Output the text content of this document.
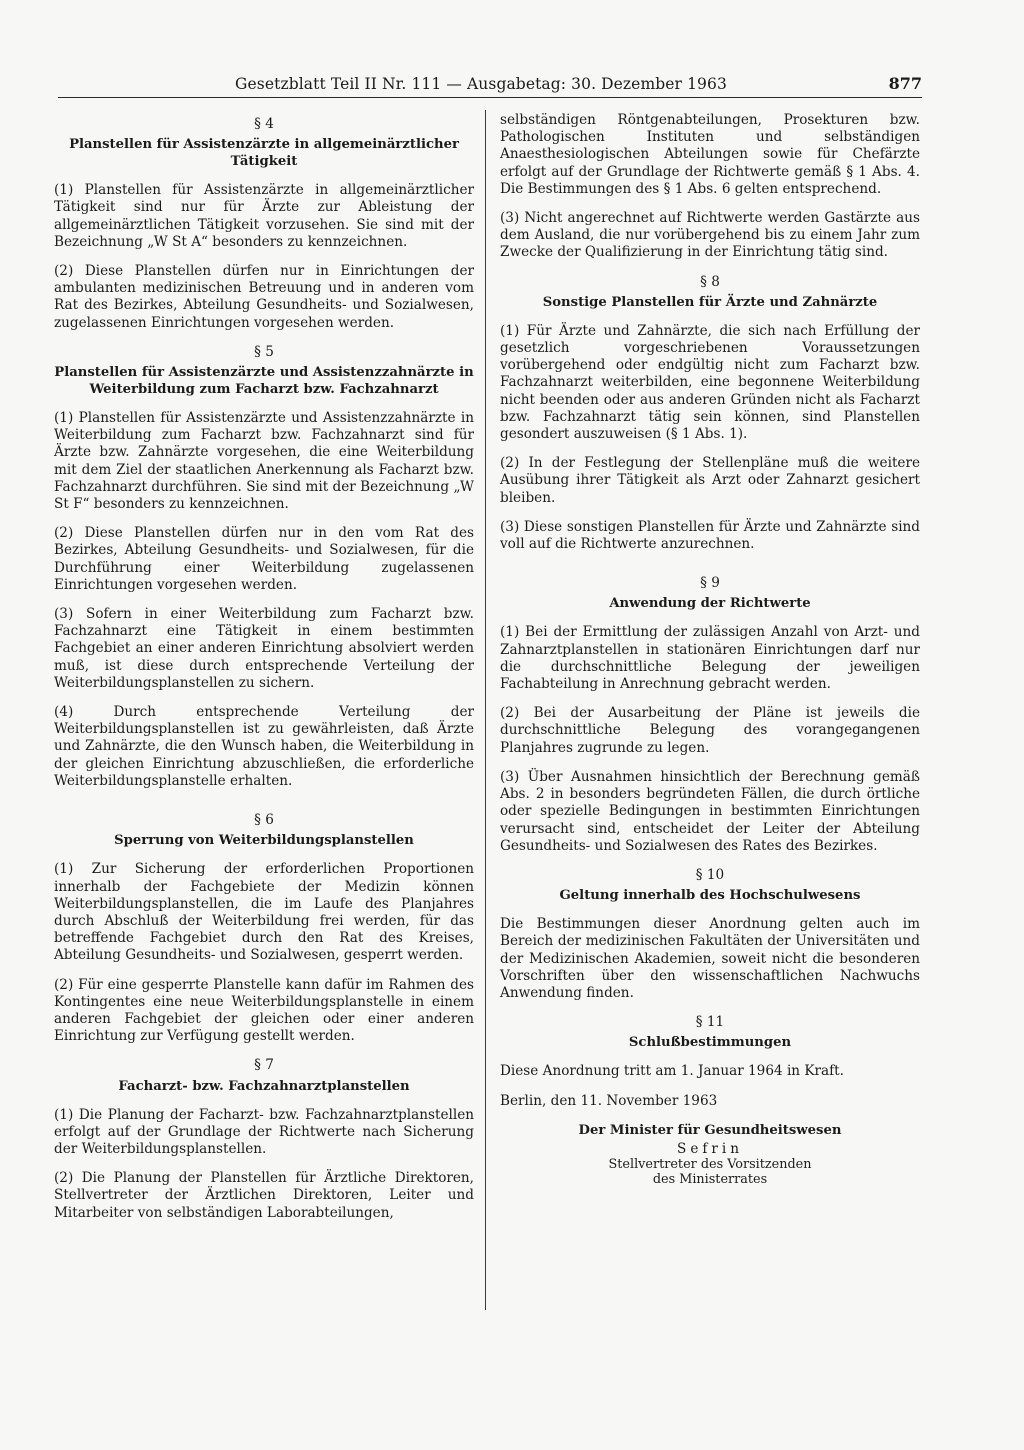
Gesetzblatt Teil II Nr. 111 — Ausgabetag: 30. Dezember 1963	877
§ 4
Planstellen für Assistenzärzte in allgemeinärztlicher Tätigkeit

(1) Planstellen für Assistenzärzte in allgemeinärztlicher Tätigkeit sind nur für Ärzte zur Ableistung der allgemeinärztlichen Tätigkeit vorzusehen. Sie sind mit der Bezeichnung „W St A“ besonders zu kennzeichnen.

(2) Diese Planstellen dürfen nur in Einrichtungen der ambulanten medizinischen Betreuung und in anderen vom Rat des Bezirkes, Abteilung Gesundheits- und Sozialwesen, zugelassenen Einrichtungen vorgesehen werden.

§ 5
Planstellen für Assistenzärzte und Assistenzzahnärzte in Weiterbildung zum Facharzt bzw. Fachzahnarzt

(1) Planstellen für Assistenzärzte und Assistenzzahnärzte in Weiterbildung zum Facharzt bzw. Fachzahnarzt sind für Ärzte bzw. Zahnärzte vorgesehen, die eine Weiterbildung mit dem Ziel der staatlichen Anerkennung als Facharzt bzw. Fachzahnarzt durchführen. Sie sind mit der Bezeichnung „W St F“ besonders zu kennzeichnen.

(2) Diese Planstellen dürfen nur in den vom Rat des Bezirkes, Abteilung Gesundheits- und Sozialwesen, für die Durchführung einer Weiterbildung zugelassenen Einrichtungen vorgesehen werden.

(3) Sofern in einer Weiterbildung zum Facharzt bzw. Fachzahnarzt eine Tätigkeit in einem bestimmten Fachgebiet an einer anderen Einrichtung absolviert werden muß, ist diese durch entsprechende Verteilung der Weiterbildungsplanstellen zu sichern.

(4) Durch entsprechende Verteilung der Weiterbildungsplanstellen ist zu gewährleisten, daß Ärzte und Zahnärzte, die den Wunsch haben, die Weiterbildung in der gleichen Einrichtung abzuschließen, die erforderliche Weiterbildungsplanstelle erhalten.

§ 6
Sperrung von Weiterbildungsplanstellen

(1) Zur Sicherung der erforderlichen Proportionen innerhalb der Fachgebiete der Medizin können Weiterbildungsplanstellen, die im Laufe des Planjahres durch Abschluß der Weiterbildung frei werden, für das betreffende Fachgebiet durch den Rat des Kreises, Abteilung Gesundheits- und Sozialwesen, gesperrt werden.

(2) Für eine gesperrte Planstelle kann dafür im Rahmen des Kontingentes eine neue Weiterbildungsplanstelle in einem anderen Fachgebiet der gleichen oder einer anderen Einrichtung zur Verfügung gestellt werden.

§ 7
Facharzt- bzw. Fachzahnarztplanstellen

(1) Die Planung der Facharzt- bzw. Fachzahnarztplanstellen erfolgt auf der Grundlage der Richtwerte nach Sicherung der Weiterbildungsplanstellen.

(2) Die Planung der Planstellen für Ärztliche Direktoren, Stellvertreter der Ärztlichen Direktoren, Leiter und Mitarbeiter von selbständigen Laborabteilungen,

selbständigen Röntgenabteilungen, Prosekturen bzw. Pathologischen Instituten und selbständigen Anaesthesiologischen Abteilungen sowie für Chefärzte erfolgt auf der Grundlage der Richtwerte gemäß § 1 Abs. 4. Die Bestimmungen des § 1 Abs. 6 gelten entsprechend.

(3) Nicht angerechnet auf Richtwerte werden Gastärzte aus dem Ausland, die nur vorübergehend bis zu einem Jahr zum Zwecke der Qualifizierung in der Einrichtung tätig sind.

§ 8
Sonstige Planstellen für Ärzte und Zahnärzte

(1) Für Ärzte und Zahnärzte, die sich nach Erfüllung der gesetzlich vorgeschriebenen Voraussetzungen vorübergehend oder endgültig nicht zum Facharzt bzw. Fachzahnarzt weiterbilden, eine begonnene Weiterbildung nicht beenden oder aus anderen Gründen nicht als Facharzt bzw. Fachzahnarzt tätig sein können, sind Planstellen gesondert auszuweisen (§ 1 Abs. 1).

(2) In der Festlegung der Stellenpläne muß die weitere Ausübung ihrer Tätigkeit als Arzt oder Zahnarzt gesichert bleiben.

(3) Diese sonstigen Planstellen für Ärzte und Zahnärzte sind voll auf die Richtwerte anzurechnen.

§ 9
Anwendung der Richtwerte

(1) Bei der Ermittlung der zulässigen Anzahl von Arzt- und Zahnarztplanstellen in stationären Einrichtungen darf nur die durchschnittliche Belegung der jeweiligen Fachabteilung in Anrechnung gebracht werden.

(2) Bei der Ausarbeitung der Pläne ist jeweils die durchschnittliche Belegung des vorangegangenen Planjahres zugrunde zu legen.

(3) Über Ausnahmen hinsichtlich der Berechnung gemäß Abs. 2 in besonders begründeten Fällen, die durch örtliche oder spezielle Bedingungen in bestimmten Einrichtungen verursacht sind, entscheidet der Leiter der Abteilung Gesundheits- und Sozialwesen des Rates des Bezirkes.

§ 10
Geltung innerhalb des Hochschulwesens

Die Bestimmungen dieser Anordnung gelten auch im Bereich der medizinischen Fakultäten der Universitäten und der Medizinischen Akademien, soweit nicht die besonderen Vorschriften über den wissenschaftlichen Nachwuchs Anwendung finden.

§ 11
Schlußbestimmungen

Diese Anordnung tritt am 1. Januar 1964 in Kraft.

Berlin, den 11. November 1963

Der Minister für Gesundheitswesen
Sefrin
Stellvertreter des Vorsitzenden
des Ministerrates
